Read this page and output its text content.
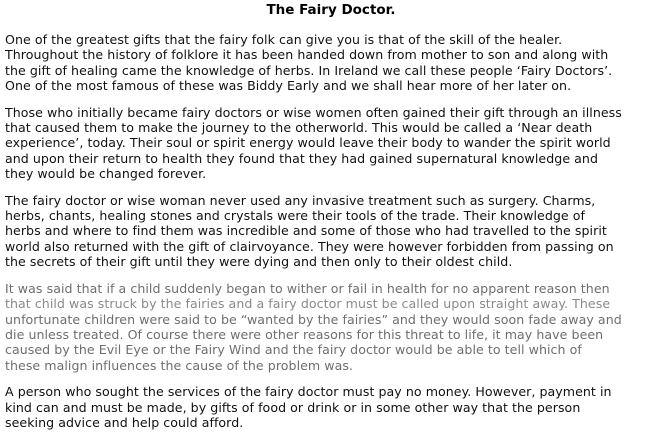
The Fairy Doctor.
One of the greatest gifts that the fairy folk can give you is that of the skill of the healer.
Throughout the history of folklore it has been handed down from mother to son and along with
the gift of healing came the knowledge of herbs. In Ireland we call these people ‘Fairy Doctors’.
One of the most famous of these was Biddy Early and we shall hear more of her later on.
Those who initially became fairy doctors or wise women often gained their gift through an illness
that caused them to make the journey to the otherworld. This would be called a ‘Near death
experience’, today. Their soul or spirit energy would leave their body to wander the spirit world
and upon their return to health they found that they had gained supernatural knowledge and
they would be changed forever.
The fairy doctor or wise woman never used any invasive treatment such as surgery. Charms,
herbs, chants, healing stones and crystals were their tools of the trade. Their knowledge of
herbs and where to find them was incredible and some of those who had travelled to the spirit
world also returned with the gift of clairvoyance. They were however forbidden from passing on
the secrets of their gift until they were dying and then only to their oldest child.
It was said that if a child suddenly began to wither or fail in health for no apparent reason then
that child was struck by the fairies and a fairy doctor must be called upon straight away. These
unfortunate children were said to be “wanted by the fairies” and they would soon fade away and
die unless treated. Of course there were other reasons for this threat to life, it may have been
caused by the Evil Eye or the Fairy Wind and the fairy doctor would be able to tell which of
these malign influences the cause of the problem was.
A person who sought the services of the fairy doctor must pay no money. However, payment in
kind can and must be made, by gifts of food or drink or in some other way that the person
seeking advice and help could afford.
